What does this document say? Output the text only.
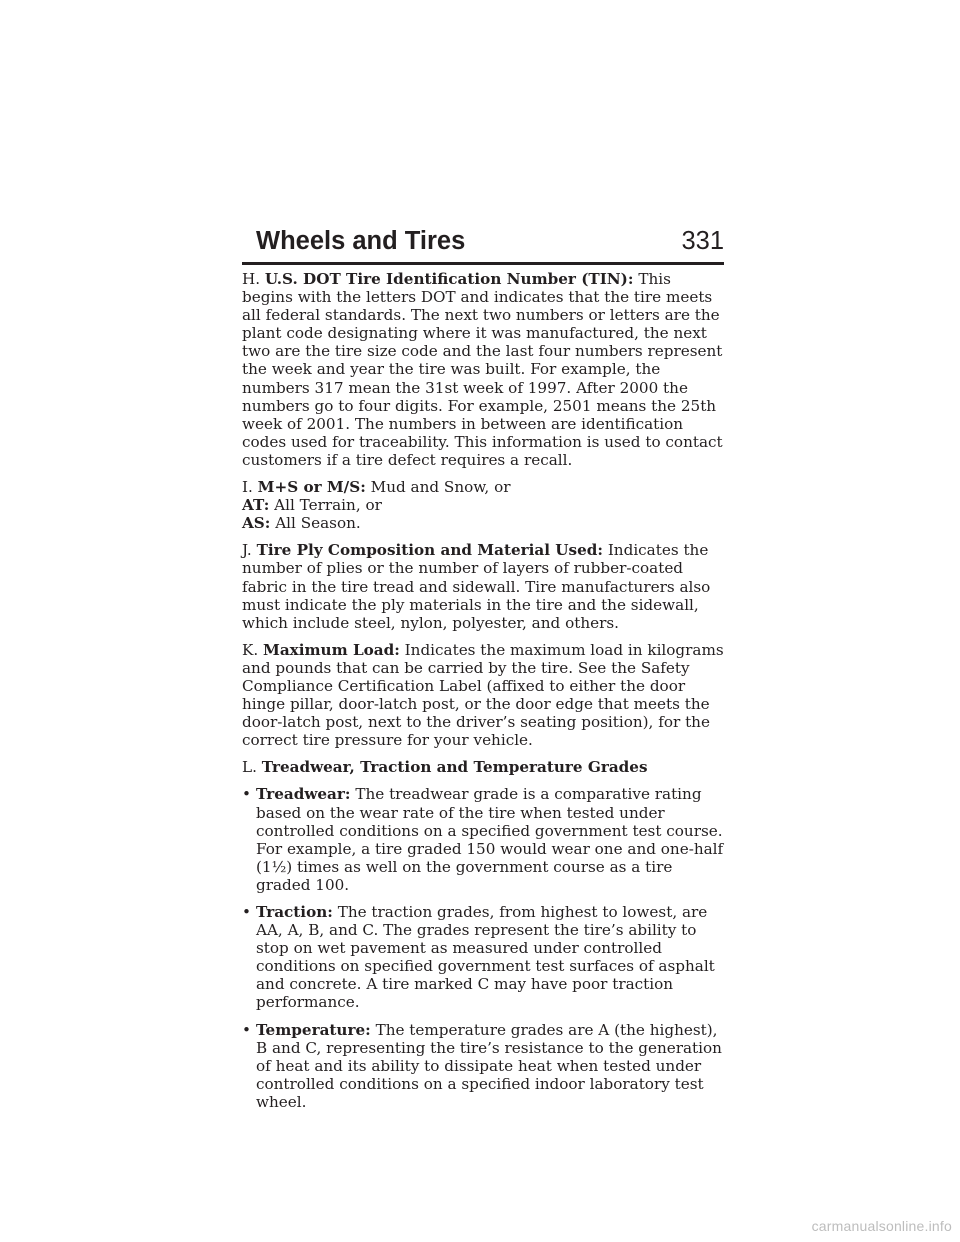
Wheels and Tires	331

H. U.S. DOT Tire Identification Number (TIN): This begins with the letters DOT and indicates that the tire meets all federal standards. The next two numbers or letters are the plant code designating where it was manufactured, the next two are the tire size code and the last four numbers represent the week and year the tire was built. For example, the numbers 317 mean the 31st week of 1997. After 2000 the numbers go to four digits. For example, 2501 means the 25th week of 2001. The numbers in between are identification codes used for traceability. This information is used to contact customers if a tire defect requires a recall.

I. M+S or M/S: Mud and Snow, or

AT: All Terrain, or

AS: All Season.

J. Tire Ply Composition and Material Used: Indicates the number of plies or the number of layers of rubber-coated fabric in the tire tread and sidewall. Tire manufacturers also must indicate the ply materials in the tire and the sidewall, which include steel, nylon, polyester, and others.

K. Maximum Load: Indicates the maximum load in kilograms and pounds that can be carried by the tire. See the Safety Compliance Certification Label (affixed to either the door hinge pillar, door-latch post, or the door edge that meets the door-latch post, next to the driver’s seating position), for the correct tire pressure for your vehicle.

L. Treadwear, Traction and Temperature Grades

• Treadwear: The treadwear grade is a comparative rating based on the wear rate of the tire when tested under controlled conditions on a specified government test course. For example, a tire graded 150 would wear one and one-half (1½) times as well on the government course as a tire graded 100.
• Traction: The traction grades, from highest to lowest, are AA, A, B, and C. The grades represent the tire’s ability to stop on wet pavement as measured under controlled conditions on specified government test surfaces of asphalt and concrete. A tire marked C may have poor traction performance.
• Temperature: The temperature grades are A (the highest), B and C, representing the tire’s resistance to the generation of heat and its ability to dissipate heat when tested under controlled conditions on a specified indoor laboratory test wheel.
carmanualsonline.info
